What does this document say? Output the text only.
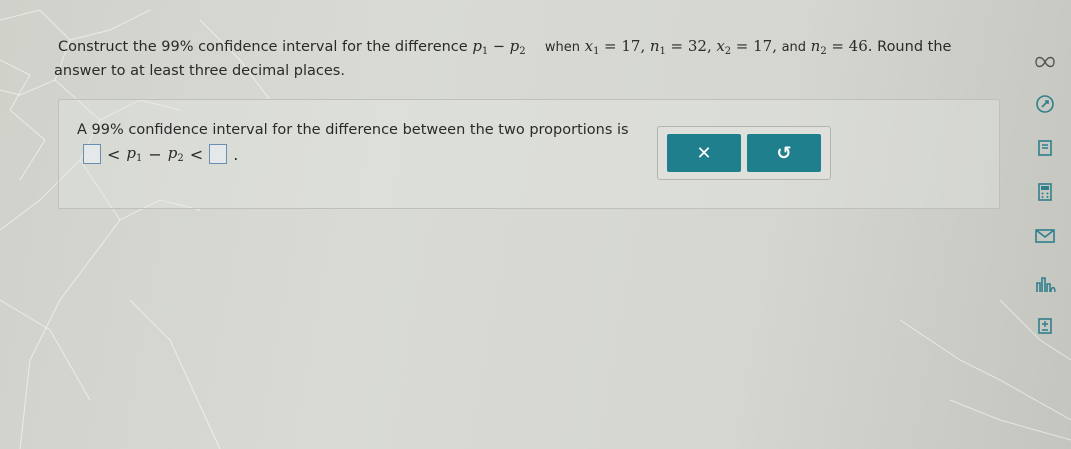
Construct the 99% confidence interval for the difference $p_1 - p_2$ when $x_1 = 17$, $n_1 = 32$, $x_2 = 17$, and $n_2 = 46$. Round the
answer to at least three decimal places.
A 99% confidence interval for the difference between the two proportions is
< $p_1 - p_2$ < .	✕	↺
